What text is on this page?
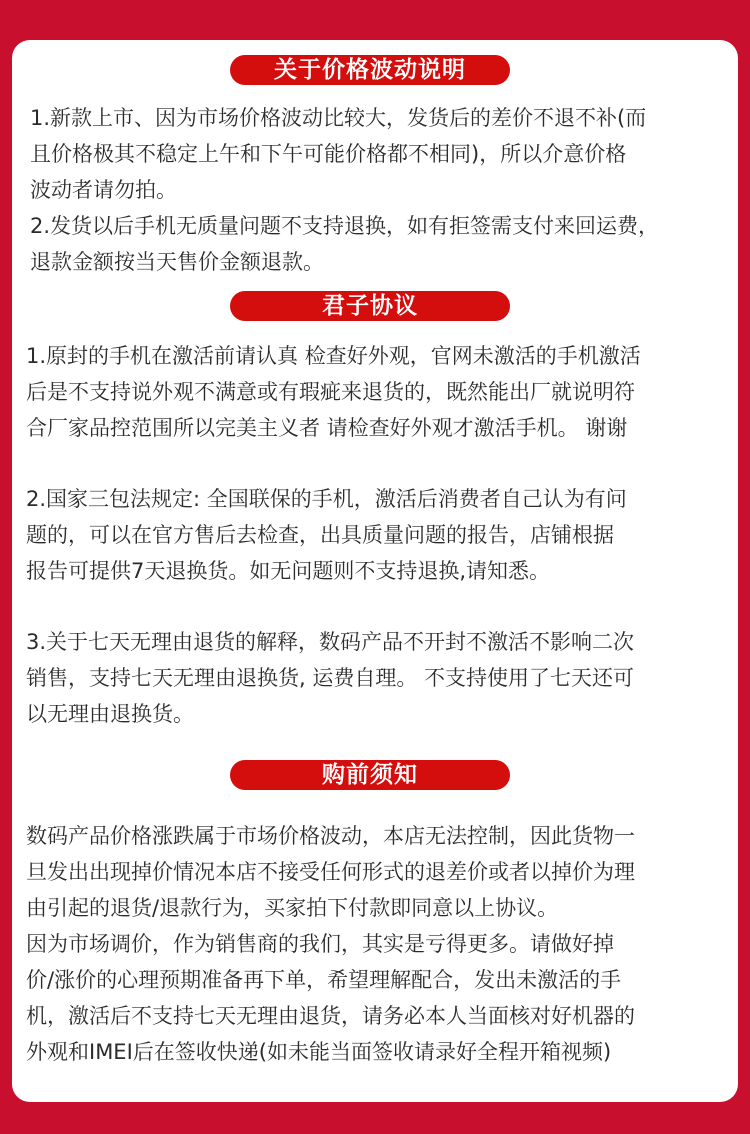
关于价格波动说明

1.新款上市、因为市场价格波动比较大，发货后的差价不退不补(而

且价格极其不稳定上午和下午可能价格都不相同)，所以介意价格

波动者请勿拍。

2.发货以后手机无质量问题不支持退换，如有拒签需支付来回运费，

退款金额按当天售价金额退款。

君子协议

1.原封的手机在激活前请认真 检查好外观，官网未激活的手机激活

后是不支持说外观不满意或有瑕疵来退货的，既然能出厂就说明符

合厂家品控范围所以完美主义者 请检查好外观才激活手机。 谢谢

2.国家三包法规定: 全国联保的手机，激活后消费者自己认为有问

题的，可以在官方售后去检查，出具质量问题的报告，店铺根据

报告可提供7天退换货。如无问题则不支持退换,请知悉。

3.关于七天无理由退货的解释，数码产品不开封不激活不影响二次

销售，支持七天无理由退换货, 运费自理。 不支持使用了七天还可

以无理由退换货。

购前须知

数码产品价格涨跌属于市场价格波动，本店无法控制，因此货物一

旦发出出现掉价情况本店不接受任何形式的退差价或者以掉价为理

由引起的退货/退款行为，买家拍下付款即同意以上协议。

因为市场调价，作为销售商的我们，其实是亏得更多。请做好掉

价/涨价的心理预期准备再下单，希望理解配合，发出未激活的手

机，激活后不支持七天无理由退货，请务必本人当面核对好机器的

外观和IMEI后在签收快递(如未能当面签收请录好全程开箱视频)
